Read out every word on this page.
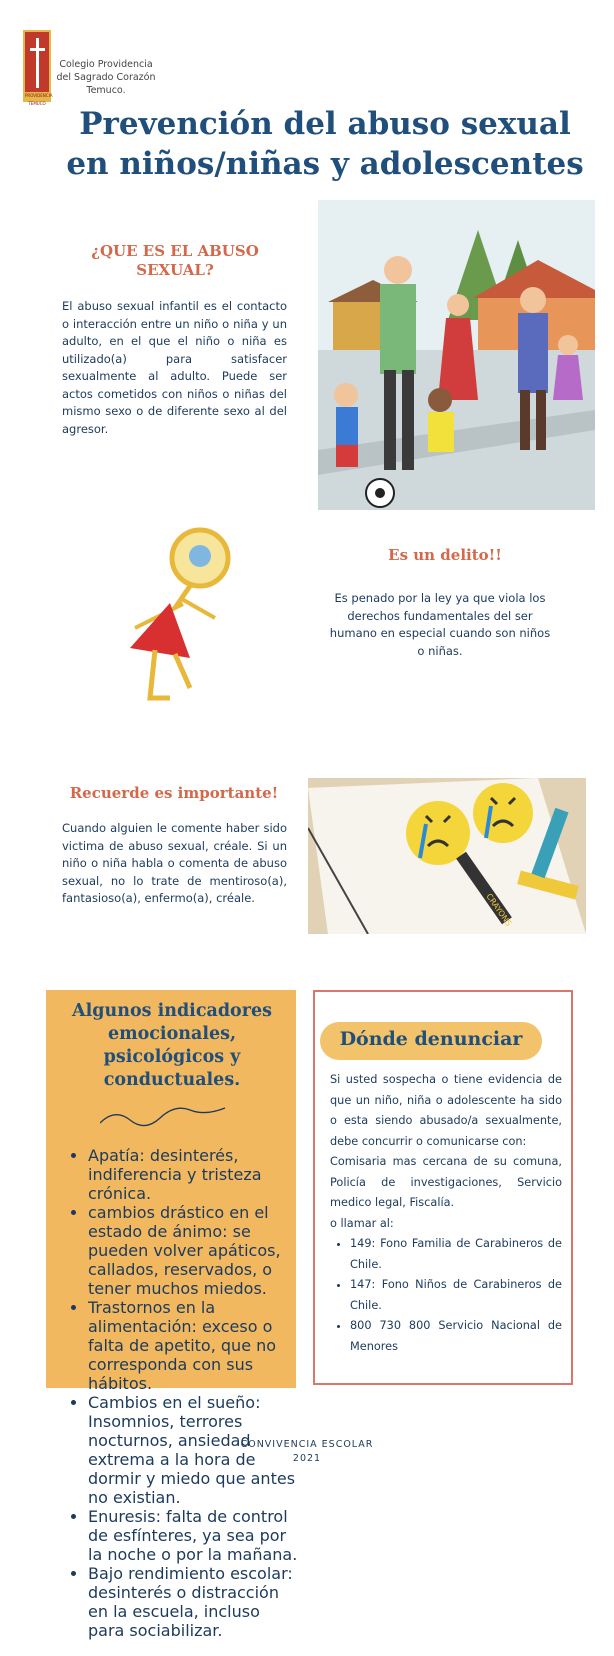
PROVIDENCIA TEMUCO
Colegio Providencia
del Sagrado Corazón
Temuco.
Prevención del abuso sexual
en niños/niñas y adolescentes
¿QUE ES EL ABUSO
SEXUAL?
El abuso sexual infantil es el contacto o interacción entre un niño o niña y un adulto, en el que el niño o niña es utilizado(a) para satisfacer sexualmente al adulto. Puede ser actos cometidos con niños o niñas del mismo sexo o de diferente sexo al del agresor.
Es un delito!!
Es penado por la ley ya que viola los derechos fundamentales del ser humano en especial cuando son niños o niñas.
Recuerde es importante!
Cuando alguien le comente haber sido victima de abuso sexual, créale. Si un niño o niña habla o comenta de abuso sexual, no lo trate de mentiroso(a), fantasioso(a), enfermo(a), créale.	CRAYONS
Algunos indicadores emocionales, psicológicos y conductuales.
• Apatía: desinterés, indiferencia y tristeza crónica.
• cambios drástico en el estado de ánimo: se pueden volver apáticos, callados, reservados, o tener muchos miedos.
• Trastornos en la alimentación: exceso o falta de apetito, que no corresponda con sus hábitos.
• Cambios en el sueño: Insomnios, terrores nocturnos, ansiedad extrema a la hora de dormir y miedo que antes no existian.
• Enuresis: falta de control de esfínteres, ya sea por la noche o por la mañana.
• Bajo rendimiento escolar: desinterés o distracción en la escuela, incluso para sociabilizar.
Dónde denunciar
Si usted sospecha o tiene evidencia de que un niño, niña o adolescente ha sido o esta siendo abusado/a sexualmente, debe concurrir o comunicarse con:
Comisaria mas cercana de su comuna, Policía de investigaciones, Servicio medico legal, Fiscalía.
o llamar al:
• 149: Fono Familia de Carabineros de Chile.
• 147: Fono Niños de Carabineros de Chile.
• 800 730 800 Servicio Nacional de Menores
CONVIVENCIA ESCOLAR
2021
